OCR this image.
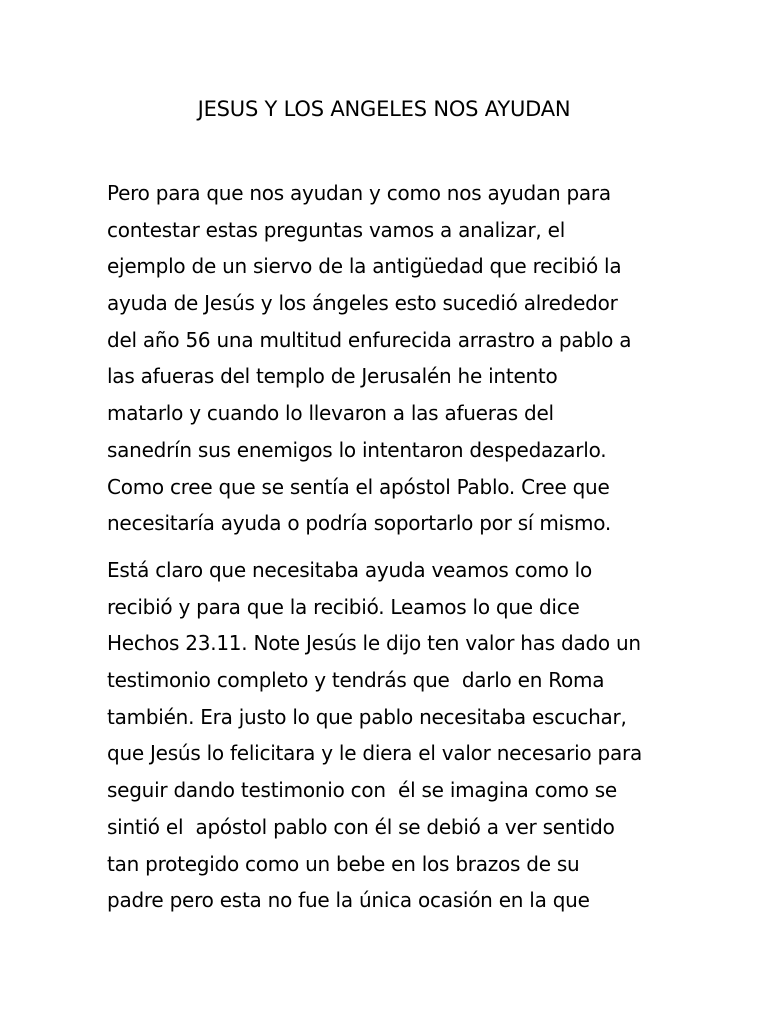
JESUS Y LOS ANGELES NOS AYUDAN
Pero para que nos ayudan y como nos ayudan para
contestar estas preguntas vamos a analizar, el
ejemplo de un siervo de la antigüedad que recibió la
ayuda de Jesús y los ángeles esto sucedió alrededor
del año 56 una multitud enfurecida arrastro a pablo a
las afueras del templo de Jerusalén he intento
matarlo y cuando lo llevaron a las afueras del
sanedrín sus enemigos lo intentaron despedazarlo.
Como cree que se sentía el apóstol Pablo. Cree que
necesitaría ayuda o podría soportarlo por sí mismo.
Está claro que necesitaba ayuda veamos como lo
recibió y para que la recibió. Leamos lo que dice
Hechos 23.11. Note Jesús le dijo ten valor has dado un
testimonio completo y tendrás que  darlo en Roma
también. Era justo lo que pablo necesitaba escuchar,
que Jesús lo felicitara y le diera el valor necesario para
seguir dando testimonio con  él se imagina como se
sintió el  apóstol pablo con él se debió a ver sentido
tan protegido como un bebe en los brazos de su
padre pero esta no fue la única ocasión en la que
